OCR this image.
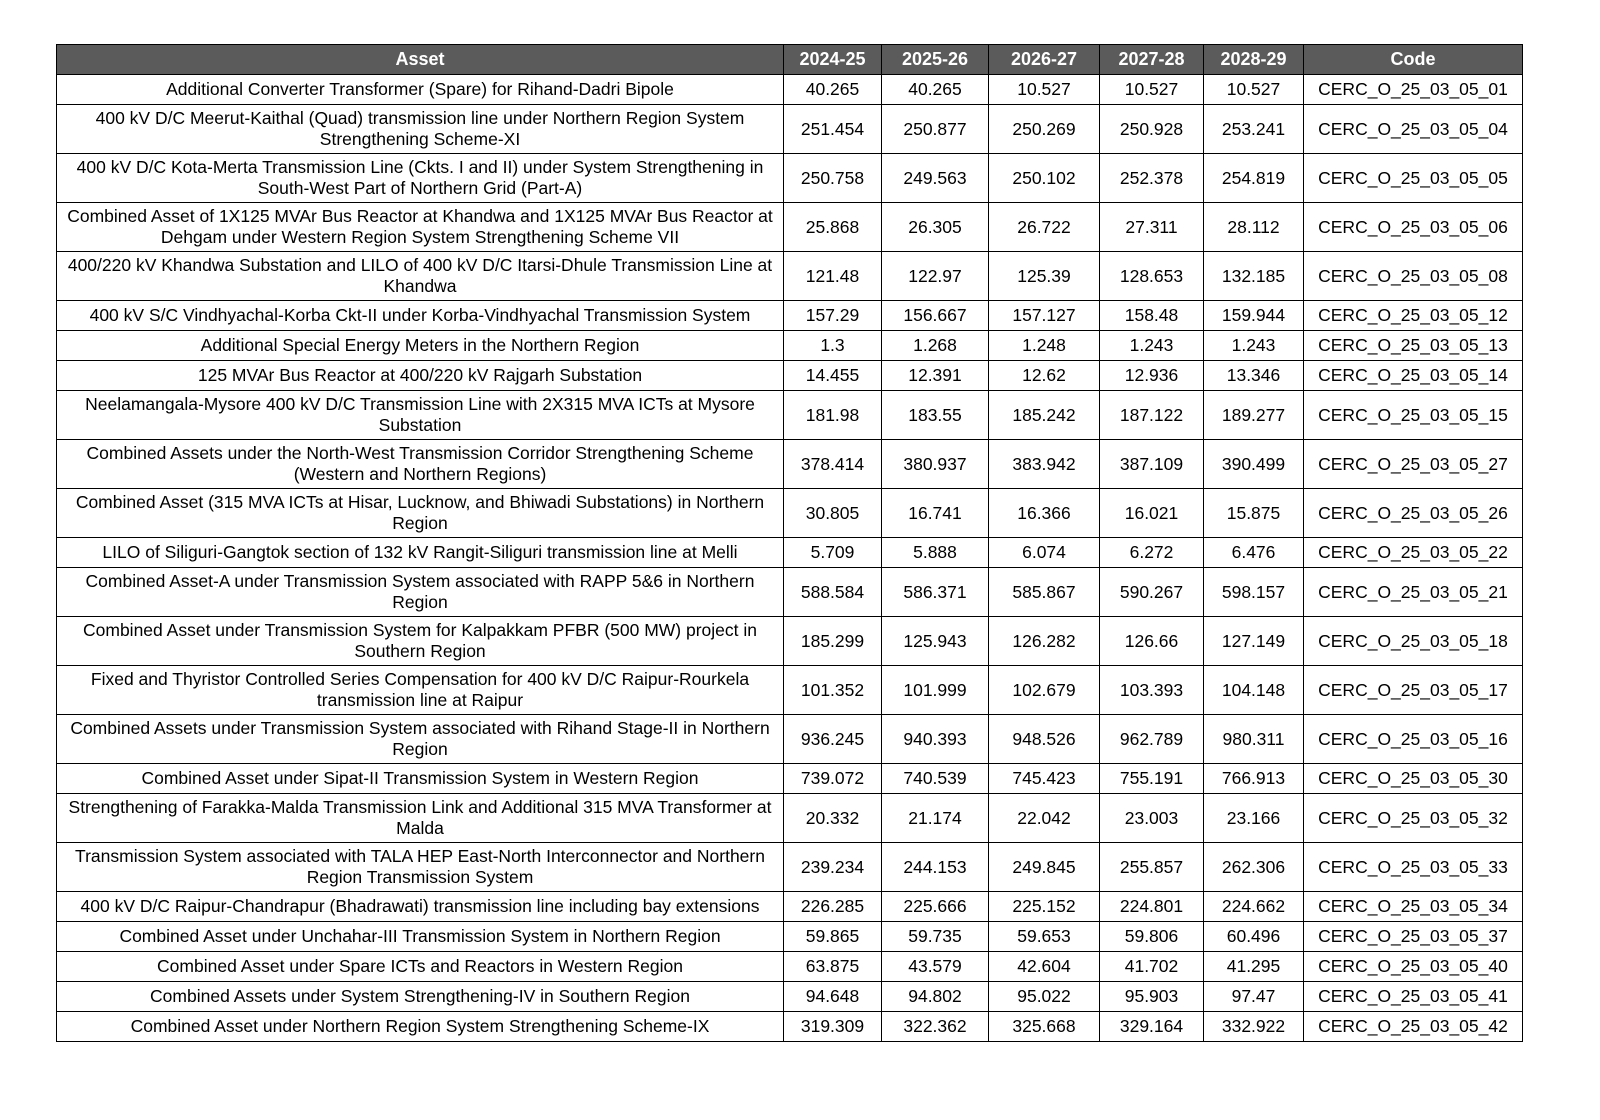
Asset	2024-25	2025-26	2026-27	2027-28	2028-29	Code
Additional Converter Transformer (Spare) for Rihand-Dadri Bipole	40.265	40.265	10.527	10.527	10.527	CERC_O_25_03_05_01
400 kV D/C Meerut-Kaithal (Quad) transmission line under Northern Region System Strengthening Scheme-XI	251.454	250.877	250.269	250.928	253.241	CERC_O_25_03_05_04
400 kV D/C Kota-Merta Transmission Line (Ckts. I and II) under System Strengthening in South-West Part of Northern Grid (Part-A)	250.758	249.563	250.102	252.378	254.819	CERC_O_25_03_05_05
Combined Asset of 1X125 MVAr Bus Reactor at Khandwa and 1X125 MVAr Bus Reactor at Dehgam under Western Region System Strengthening Scheme VII	25.868	26.305	26.722	27.311	28.112	CERC_O_25_03_05_06
400/220 kV Khandwa Substation and LILO of 400 kV D/C Itarsi-Dhule Transmission Line at Khandwa	121.48	122.97	125.39	128.653	132.185	CERC_O_25_03_05_08
400 kV S/C Vindhyachal-Korba Ckt-II under Korba-Vindhyachal Transmission System	157.29	156.667	157.127	158.48	159.944	CERC_O_25_03_05_12
Additional Special Energy Meters in the Northern Region	1.3	1.268	1.248	1.243	1.243	CERC_O_25_03_05_13
125 MVAr Bus Reactor at 400/220 kV Rajgarh Substation	14.455	12.391	12.62	12.936	13.346	CERC_O_25_03_05_14
Neelamangala-Mysore 400 kV D/C Transmission Line with 2X315 MVA ICTs at Mysore Substation	181.98	183.55	185.242	187.122	189.277	CERC_O_25_03_05_15
Combined Assets under the North-West Transmission Corridor Strengthening Scheme (Western and Northern Regions)	378.414	380.937	383.942	387.109	390.499	CERC_O_25_03_05_27
Combined Asset (315 MVA ICTs at Hisar, Lucknow, and Bhiwadi Substations) in Northern Region	30.805	16.741	16.366	16.021	15.875	CERC_O_25_03_05_26
LILO of Siliguri-Gangtok section of 132 kV Rangit-Siliguri transmission line at Melli	5.709	5.888	6.074	6.272	6.476	CERC_O_25_03_05_22
Combined Asset-A under Transmission System associated with RAPP 5&6 in Northern Region	588.584	586.371	585.867	590.267	598.157	CERC_O_25_03_05_21
Combined Asset under Transmission System for Kalpakkam PFBR (500 MW) project in Southern Region	185.299	125.943	126.282	126.66	127.149	CERC_O_25_03_05_18
Fixed and Thyristor Controlled Series Compensation for 400 kV D/C Raipur-Rourkela transmission line at Raipur	101.352	101.999	102.679	103.393	104.148	CERC_O_25_03_05_17
Combined Assets under Transmission System associated with Rihand Stage-II in Northern Region	936.245	940.393	948.526	962.789	980.311	CERC_O_25_03_05_16
Combined Asset under Sipat-II Transmission System in Western Region	739.072	740.539	745.423	755.191	766.913	CERC_O_25_03_05_30
Strengthening of Farakka-Malda Transmission Link and Additional 315 MVA Transformer at Malda	20.332	21.174	22.042	23.003	23.166	CERC_O_25_03_05_32
Transmission System associated with TALA HEP East-North Interconnector and Northern Region Transmission System	239.234	244.153	249.845	255.857	262.306	CERC_O_25_03_05_33
400 kV D/C Raipur-Chandrapur (Bhadrawati) transmission line including bay extensions	226.285	225.666	225.152	224.801	224.662	CERC_O_25_03_05_34
Combined Asset under Unchahar-III Transmission System in Northern Region	59.865	59.735	59.653	59.806	60.496	CERC_O_25_03_05_37
Combined Asset under Spare ICTs and Reactors in Western Region	63.875	43.579	42.604	41.702	41.295	CERC_O_25_03_05_40
Combined Assets under System Strengthening-IV in Southern Region	94.648	94.802	95.022	95.903	97.47	CERC_O_25_03_05_41
Combined Asset under Northern Region System Strengthening Scheme-IX	319.309	322.362	325.668	329.164	332.922	CERC_O_25_03_05_42
